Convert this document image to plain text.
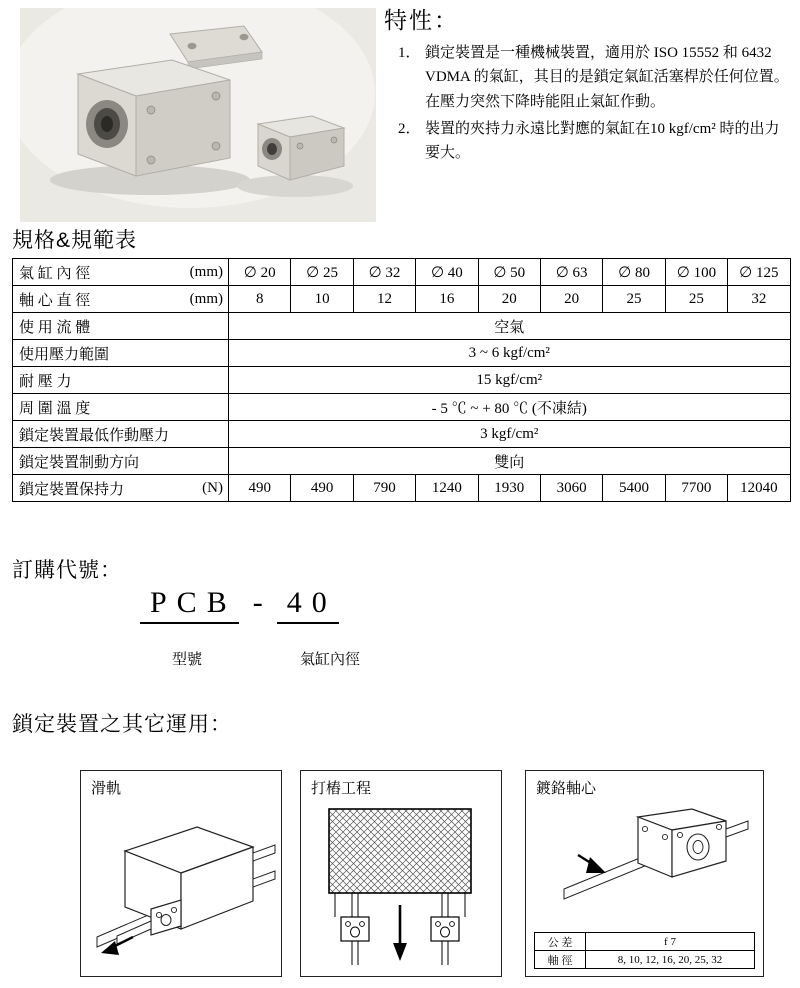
特性：
1． 鎖定裝置是一種機械裝置，適用於 ISO 15552 和 6432 VDMA 的氣缸，其目的是鎖定氣缸活塞桿於任何位置。在壓力突然下降時能阻止氣缸作動。
2． 裝置的夾持力永遠比對應的氣缸在10 kgf/cm² 時的出力要大。
規格&規範表
氣 缸 內 徑 (mm)	∅ 20	∅ 25	∅ 32	∅ 40	∅ 50	∅ 63	∅ 80	∅ 100	∅ 125

軸 心 直 徑 (mm)	8	10	12	16	20	20	25	25	32

使 用 流 體	空氣								

使用壓力範圍	3 ~ 6 kgf/cm²								

耐 壓 力	15 kgf/cm²								

周 圍 溫 度	- 5 ℃ ~ + 80 ℃ (不凍結)								

鎖定裝置最低作動壓力	3 kgf/cm²								

鎖定裝置制動方向	雙向								

鎖定裝置保持力 (N)	490	490	790	1240	1930	3060	5400	7700	12040
訂購代號：
PCB - 40
型號	氣缸內徑
鎖定裝置之其它運用：
滑軌	打樁工程	鍍鉻軸心
公 差	f 7
軸 徑	8, 10, 12, 16, 20, 25, 32
